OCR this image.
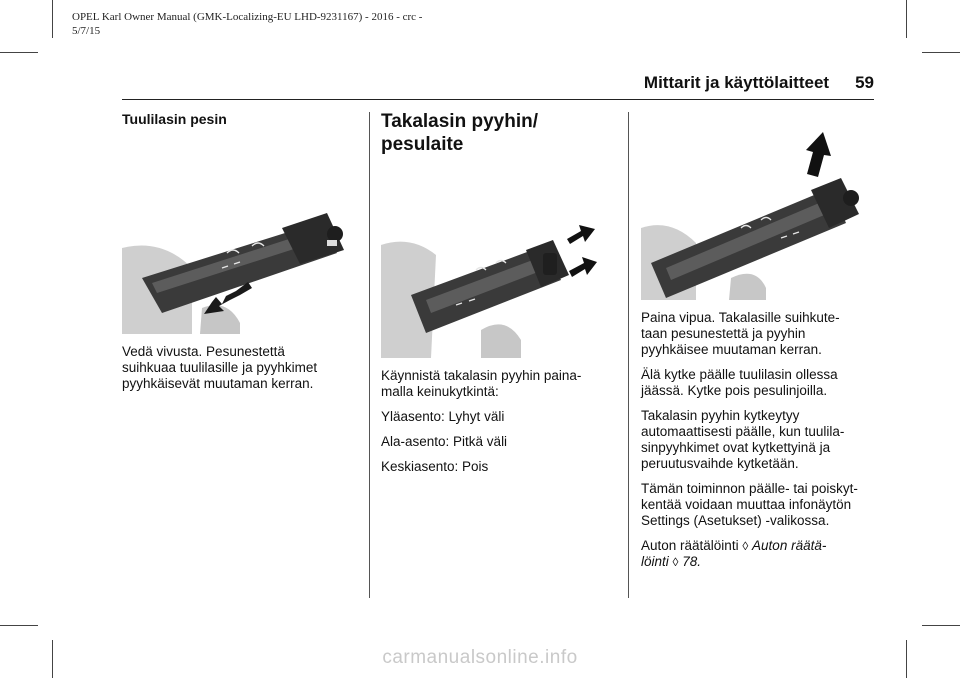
OPEL Karl Owner Manual (GMK-Localizing-EU LHD-9231167) - 2016 - crc -
5/7/15
Mittarit ja käyttölaitteet 59
Tuulilasin pesin

Vedä vivusta. Pesunestettä
suihkuaa tuulilasille ja pyyhkimet
pyyhkäisevät muutaman kerran.

Takalasin pyyhin/
pesulaite

Käynnistä takalasin pyyhin paina-
malla keinukytkintä:

Yläasento: Lyhyt väli

Ala-asento: Pitkä väli

Keskiasento: Pois

Paina vipua. Takalasille suihkute-
taan pesunestettä ja pyyhin
pyyhkäisee muutaman kerran.

Älä kytke päälle tuulilasin ollessa
jäässä. Kytke pois pesulinjoilla.

Takalasin pyyhin kytkeytyy
automaattisesti päälle, kun tuulila-
sinpyyhkimet ovat kytkettyinä ja
peruutusvaihde kytketään.

Tämän toiminnon päälle- tai poiskyt-
kentää voidaan muuttaa infonäytön
Settings (Asetukset) -valikossa.

Auton räätälöinti ◊ Auton räätä-
löinti ◊ 78.

carmanualsonline.info
